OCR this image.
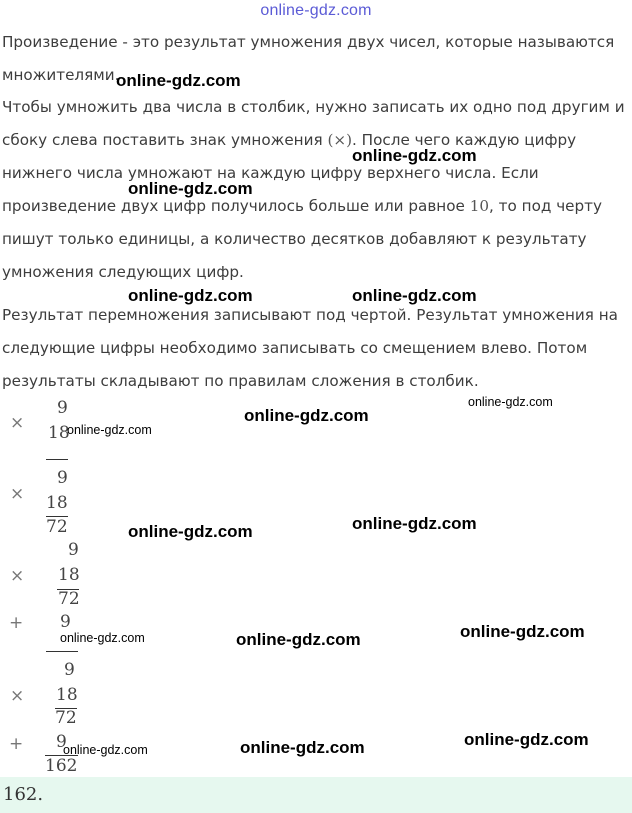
online-gdz.com

Произведение - это результат умножения двух чисел, которые называются множителями.

Чтобы умножить два числа в столбик, нужно записать их одно под другим и сбоку слева поставить знак умножения (×). После чего каждую цифру нижнего числа умножают на каждую цифру верхнего числа. Если произведение двух цифр получилось больше или равное 10, то под черту пишут только единицы, а количество десятков добавляют к результату умножения следующих цифр.

Результат перемножения записывают под чертой. Результат умножения на следующие цифры необходимо записывать со смещением влево. Потом результаты складывают по правилам сложения в столбик.

×
9
18
×
9
18
72
9
× 18
72
+ 9
9
× 18
72
+ 9
162
online-gdz.com
online-gdz.com
online-gdz.com
online-gdz.com	online-gdz.com
online-gdz.com
online-gdz.com
online-gdz.com
online-gdz.com
online-gdz.com
online-gdz.com
online-gdz.com	online-gdz.com
online-gdz.com
online-gdz.com
online-gdz.com
162.
